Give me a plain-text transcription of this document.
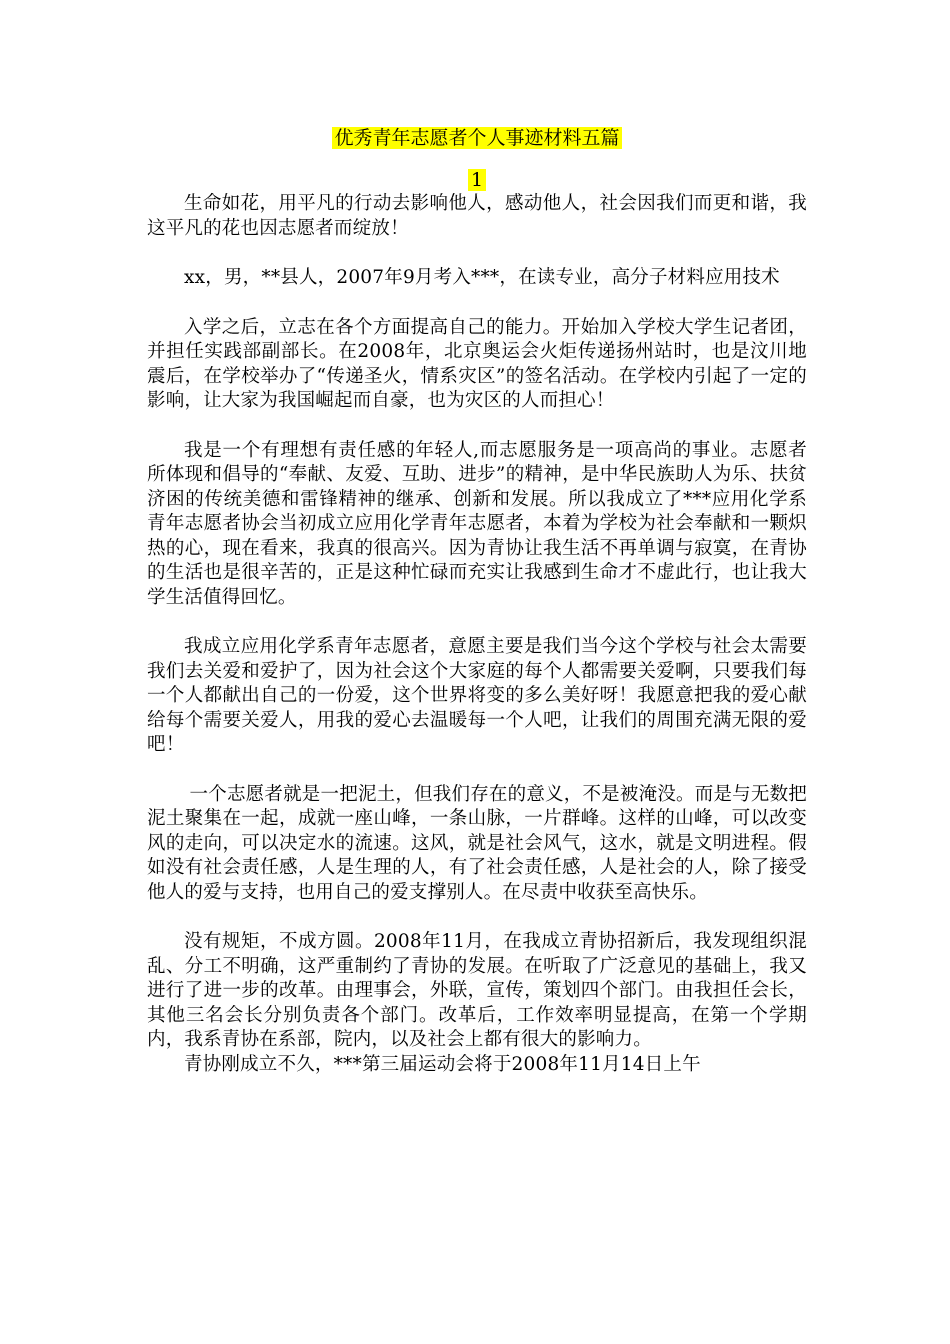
优秀青年志愿者个人事迹材料五篇
1

生命如花，用平凡的行动去影响他人，感动他人，社会因我们而更和谐，我这平凡的花也因志愿者而绽放！

xx，男，**县人，2007年9月考入***，在读专业，高分子材料应用技术

入学之后，立志在各个方面提高自己的能力。开始加入学校大学生记者团，并担任实践部副部长。在2008年，北京奥运会火炬传递扬州站时，也是汶川地震后，在学校举办了“传递圣火，情系灾区”的签名活动。在学校内引起了一定的影响，让大家为我国崛起而自豪，也为灾区的人而担心！

我是一个有理想有责任感的年轻人,而志愿服务是一项高尚的事业。志愿者所体现和倡导的“奉献、友爱、互助、进步”的精神，是中华民族助人为乐、扶贫济困的传统美德和雷锋精神的继承、创新和发展。所以我成立了***应用化学系青年志愿者协会当初成立应用化学青年志愿者，本着为学校为社会奉献和一颗炽热的心，现在看来，我真的很高兴。因为青协让我生活不再单调与寂寞，在青协的生活也是很辛苦的，正是这种忙碌而充实让我感到生命才不虚此行，也让我大学生活值得回忆。

我成立应用化学系青年志愿者，意愿主要是我们当今这个学校与社会太需要我们去关爱和爱护了，因为社会这个大家庭的每个人都需要关爱啊，只要我们每一个人都献出自己的一份爱，这个世界将变的多么美好呀！我愿意把我的爱心献给每个需要关爱人，用我的爱心去温暖每一个人吧，让我们的周围充满无限的爱吧！

一个志愿者就是一把泥土，但我们存在的意义，不是被淹没。而是与无数把泥土聚集在一起，成就一座山峰，一条山脉，一片群峰。这样的山峰，可以改变风的走向，可以决定水的流速。这风，就是社会风气，这水，就是文明进程。假如没有社会责任感，人是生理的人，有了社会责任感，人是社会的人，除了接受他人的爱与支持，也用自己的爱支撑别人。在尽责中收获至高快乐。

没有规矩，不成方圆。2008年11月，在我成立青协招新后，我发现组织混乱、分工不明确，这严重制约了青协的发展。在听取了广泛意见的基础上，我又进行了进一步的改革。由理事会，外联，宣传，策划四个部门。由我担任会长，其他三名会长分别负责各个部门。改革后，工作效率明显提高，在第一个学期内，我系青协在系部，院内，以及社会上都有很大的影响力。

青协刚成立不久，***第三届运动会将于2008年11月14日上午
